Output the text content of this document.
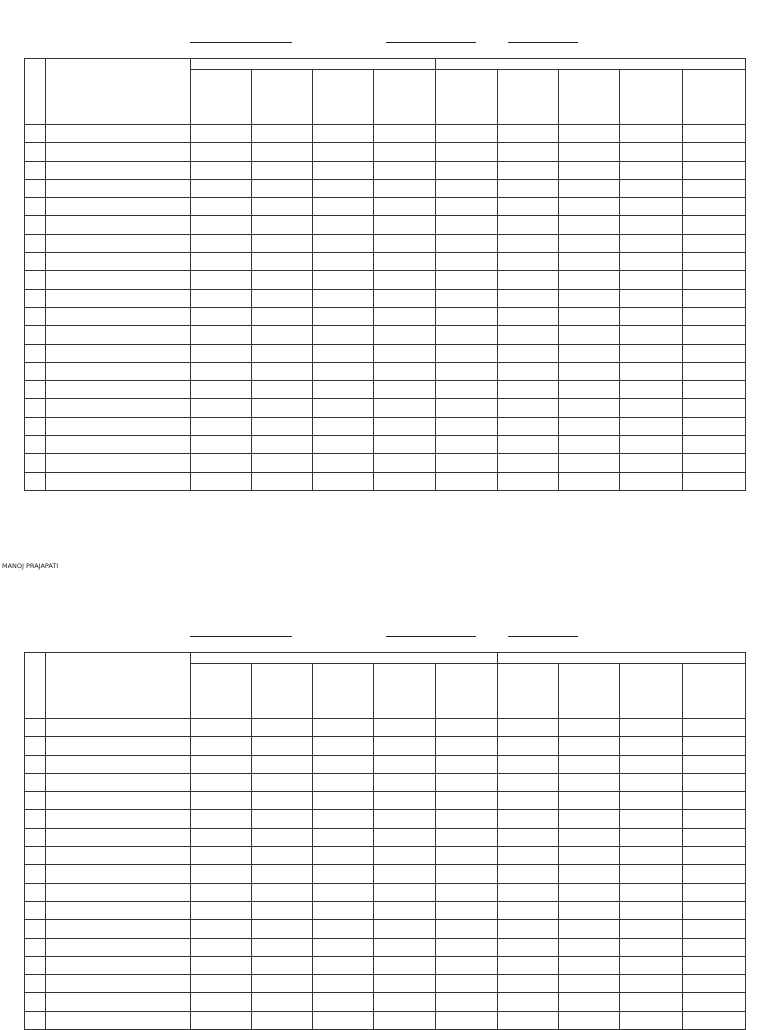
MANOJ PRAJAPATI
